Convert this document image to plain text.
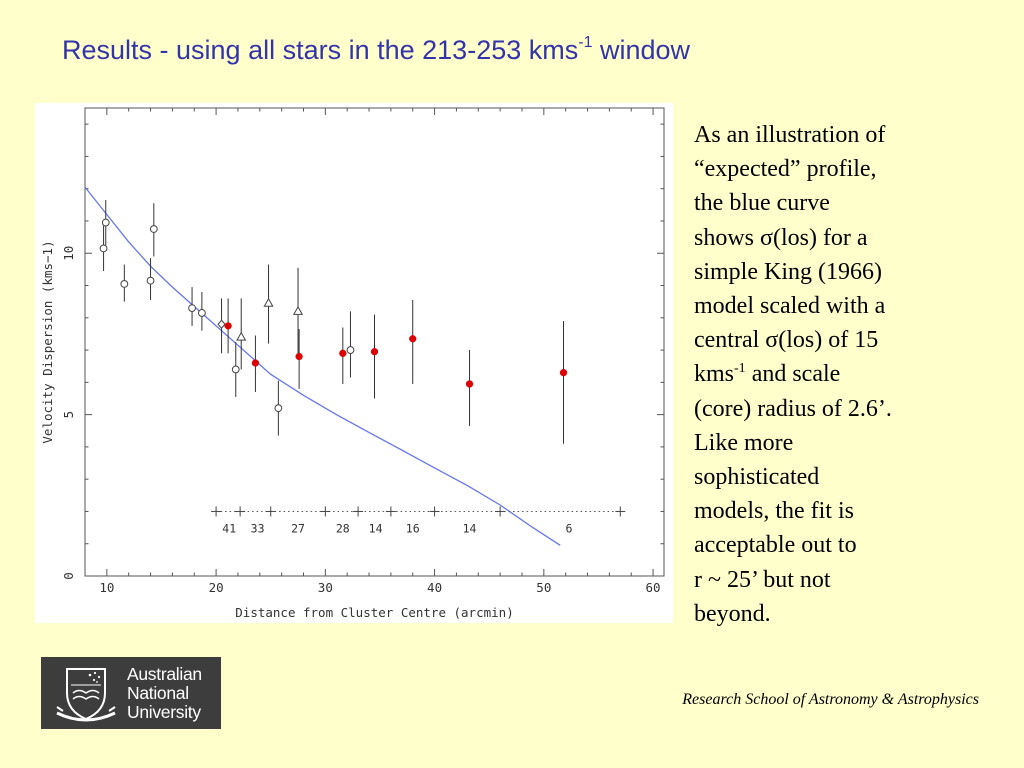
Results - using all stars in the 213-253 kms$^{-1}$ window
10	20	30	40	50	60
0
5
10
Distance from Cluster Centre (arcmin)
Velocity Dispersion (kms−1)
41 33 27	28 14 16	14	6
As an illustration of
“expected” profile,
the blue curve
shows σ(los) for a
simple King (1966)
model scaled with a
central σ(los) of 15
kms$^{-1}$ and scale
(core) radius of 2.6’.
Like more
sophisticated
models, the fit is
acceptable out to
r ~ 25’ but not
beyond.
Australian
National
University
Research School of Astronomy & Astrophysics
